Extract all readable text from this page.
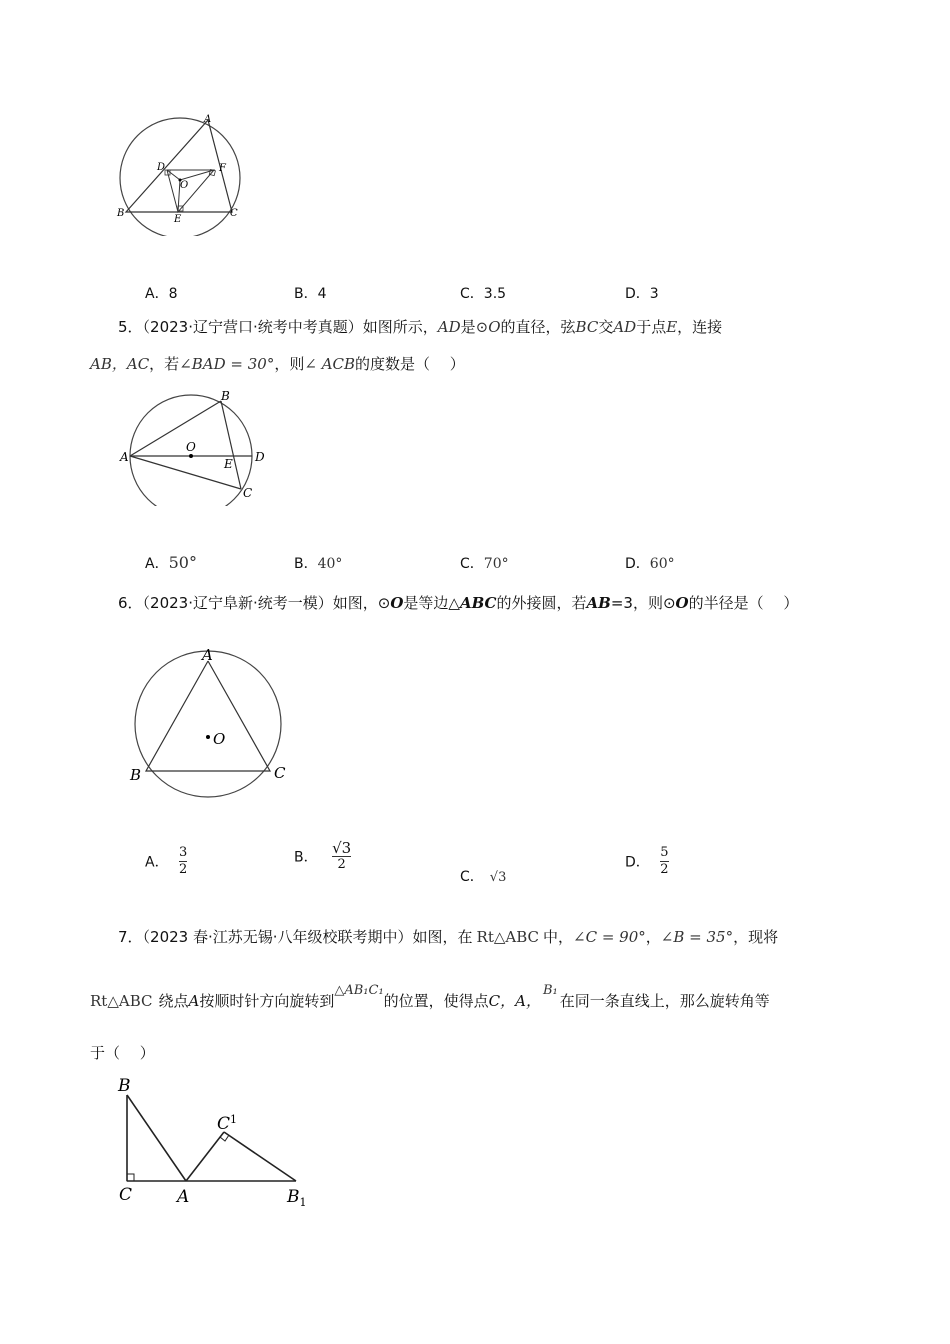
A
B	C
D
E
F
O
A．8	B．4	C．3.5	D．3
5．（2023·辽宁营口·统考中考真题）如图所示，AD是⊙O的直径，弦BC交AD于点E，连接
AB，AC，若∠BAD = 30°，则∠ ACB的度数是（　 ）
A
B
C
D
E
O
A．50°	B．40°	C．70°	D．60°
6．（2023·辽宁阜新·统考一模）如图，⊙O是等边△ABC的外接圆，若AB=3，则⊙O的半径是（　 ）
A
B	C
O
A． $\frac{3}{2}$	B． $\frac{√3}{2}$
C． √3
D． $\frac{5}{2}$
7．（2023 春·江苏无锡·八年级校联考期中）如图，在 Rt△ABC 中，∠C = 90°，∠B = 35°，现将
Rt△ABC 绕点A按顺时针方向旋转到△AB₁C₁的位置，使得点C，A，B₁在同一条直线上，那么旋转角等
于（　 ）
B
C	A
$C^1$
$B_1$
